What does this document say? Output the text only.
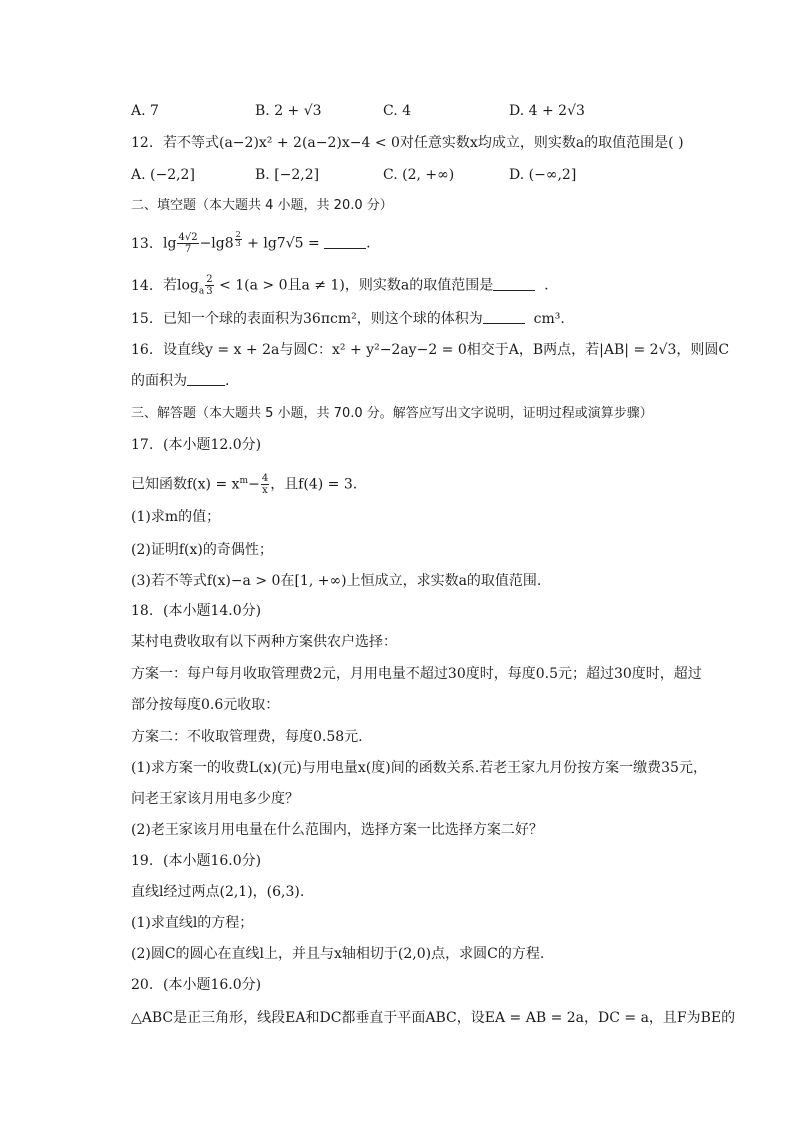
A. 7	B. 2 + √3	C. 4	D. 4 + 2√3
12. 若不等式(a−2)x² + 2(a−2)x−4 < 0对任意实数x均成立，则实数a的取值范围是( )
A. (−2,2]	B. [−2,2]	C. (2, +∞)	D. (−∞,2]
二、填空题（本大题共 4 小题，共 20.0 分）
13. $\lg \frac{4√2}{7} -\lg 8$ $^{\frac{2}{3}}$ + lg7√5 =	.
14. 若$\log_a \frac{2}{3} < 1(a > 0$且a ≠ 1)，则实数a的取值范围是	.
15. 已知一个球的表面积为36πcm²，则这个球的体积为	cm³.
16. 设直线y = x + 2a与圆C：x² + y²−2ay−2 = 0相交于A，B两点，若|AB| = 2√3，则圆C
的面积为	.
三、解答题（本大题共 5 小题，共 70.0 分。解答应写出文字说明，证明过程或演算步骤）
17. (本小题12.0分)
已知函数$f(x) = x^m- \frac{4}{x}$ ，且f(4) = 3.
(1)求m的值；
(2)证明f(x)的奇偶性；
(3)若不等式f(x)−a > 0在[1, +∞)上恒成立，求实数a的取值范围.
18. (本小题14.0分)
某村电费收取有以下两种方案供农户选择：
方案一：每户每月收取管理费2元，月用电量不超过30度时，每度0.5元；超过30度时，超过
部分按每度0.6元收取：
方案二：不收取管理费，每度0.58元.
(1)求方案一的收费L(x)(元)与用电量x(度)间的函数关系.若老王家九月份按方案一缴费35元，
问老王家该月用电多少度？
(2)老王家该月用电量在什么范围内，选择方案一比选择方案二好？
19. (本小题16.0分)
直线l经过两点(2,1)，(6,3).
(1)求直线l的方程；
(2)圆C的圆心在直线l上，并且与x轴相切于(2,0)点，求圆C的方程.
20. (本小题16.0分)
△ABC是正三角形，线段EA和DC都垂直于平面ABC，设EA = AB = 2a，DC = a，且F为BE的
